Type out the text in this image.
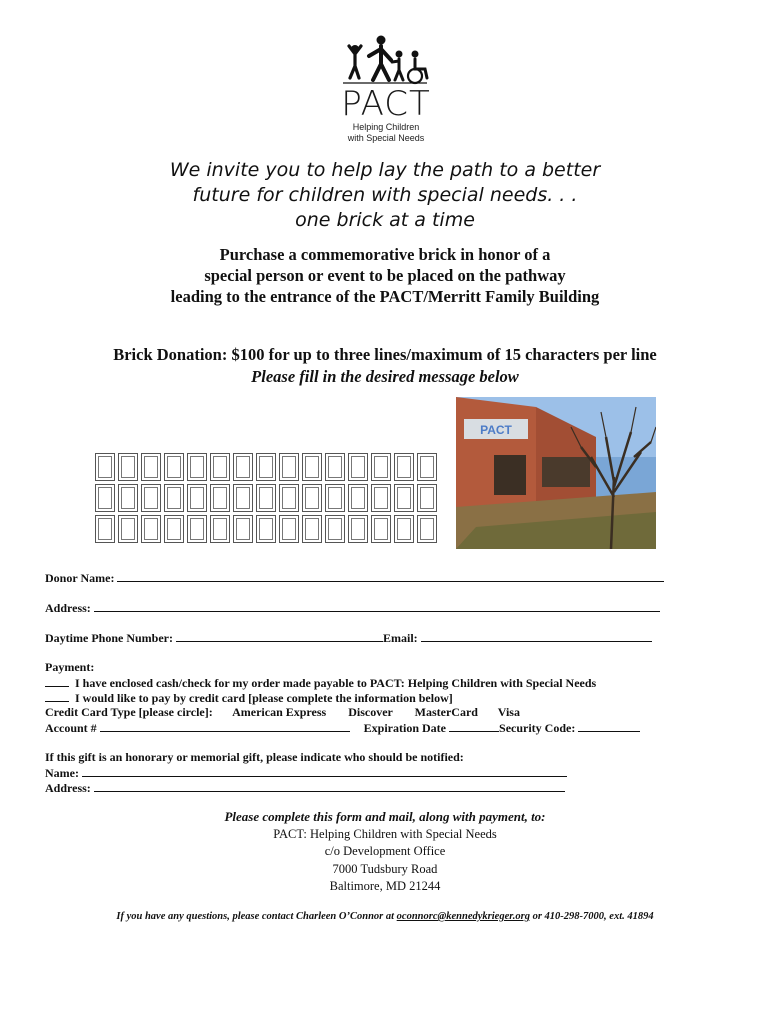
PACT
Helping Children
with Special Needs
We invite you to help lay the path to a better
future for children with special needs. . .
one brick at a time
Purchase a commemorative brick in honor of a
special person or event to be placed on the pathway
leading to the entrance of the PACT/Merritt Family Building
Brick Donation: $100 for up to three lines/maximum of 15 characters per line
Please fill in the desired message below
PACT
Donor Name:
Address:
Daytime Phone Number:	Email:
Payment:
I have enclosed cash/check for my order made payable to PACT: Helping Children with Special Needs
I would like to pay by credit card [please complete the information below]
Credit Card Type [please circle]: American Express Discover MasterCard Visa
Account #	Expiration Date	Security Code:
If this gift is an honorary or memorial gift, please indicate who should be notified:
Name:
Address:
Please complete this form and mail, along with payment, to:
PACT: Helping Children with Special Needs
c/o Development Office
7000 Tudsbury Road
Baltimore, MD 21244
If you have any questions, please contact Charleen O’Connor at oconnorc@kennedykrieger.org or 410-298-7000, ext. 41894
